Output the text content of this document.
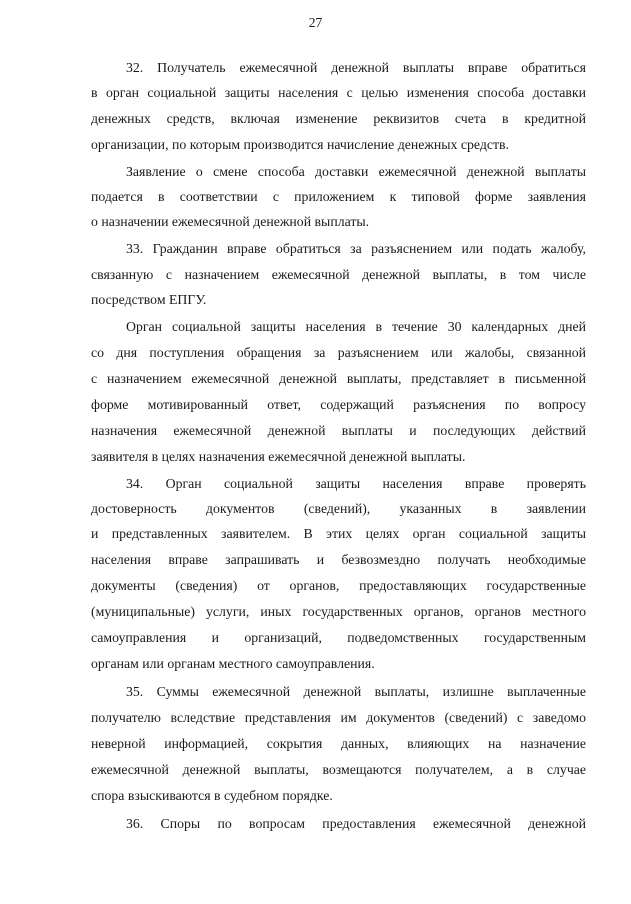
27
32. Получатель ежемесячной денежной выплаты вправе обратиться
в орган социальной защиты населения с целью изменения способа доставки
денежных средств, включая изменение реквизитов счета в кредитной
организации, по которым производится начисление денежных средств.
Заявление о смене способа доставки ежемесячной денежной выплаты
подается в соответствии с приложением к типовой форме заявления
о назначении ежемесячной денежной выплаты.
33. Гражданин вправе обратиться за разъяснением или подать жалобу,
связанную с назначением ежемесячной денежной выплаты, в том числе
посредством ЕПГУ.
Орган социальной защиты населения в течение 30 календарных дней
со дня поступления обращения за разъяснением или жалобы, связанной
с назначением ежемесячной денежной выплаты, представляет в письменной
форме мотивированный ответ, содержащий разъяснения по вопросу
назначения ежемесячной денежной выплаты и последующих действий
заявителя в целях назначения ежемесячной денежной выплаты.
34. Орган социальной защиты населения вправе проверять
достоверность документов (сведений), указанных в заявлении
и представленных заявителем. В этих целях орган социальной защиты
населения вправе запрашивать и безвозмездно получать необходимые
документы (сведения) от органов, предоставляющих государственные
(муниципальные) услуги, иных государственных органов, органов местного
самоуправления и организаций, подведомственных государственным
органам или органам местного самоуправления.
35. Суммы ежемесячной денежной выплаты, излишне выплаченные
получателю вследствие представления им документов (сведений) с заведомо
неверной информацией, сокрытия данных, влияющих на назначение
ежемесячной денежной выплаты, возмещаются получателем, а в случае
спора взыскиваются в судебном порядке.
36. Споры по вопросам предоставления ежемесячной денежной
